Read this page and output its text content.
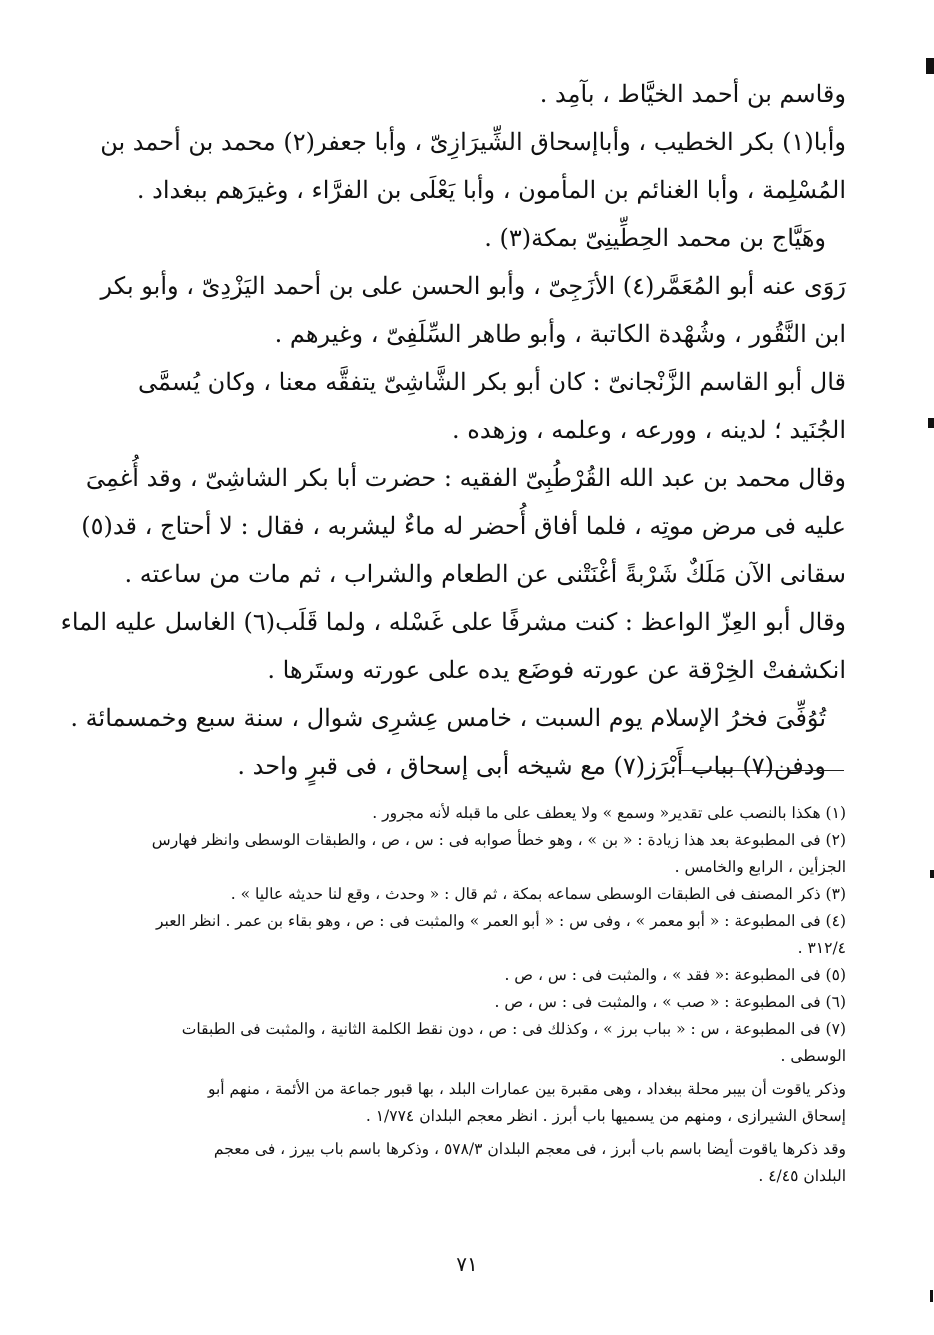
وقاسم بن أحمد الخيَّاط ، بآمِد .
وأبا(١) بكر الخطيب ، وأباإسحاق الشِّيرَازِىّ ، وأبا جعفر(٢) محمد بن أحمد بن
المُسْلِمة ، وأبا الغنائم بن المأمون ، وأبا يَعْلَى بن الفرَّاء ، وغيرَهم ببغداد .
وهَيَّاج بن محمد الحِطِّينِىّ بمكة(٣) .
رَوَى عنه أبو المُعَمَّر(٤) الأزَجِىّ ، وأبو الحسن على بن أحمد اليَزْدِىّ ، وأبو بكر
ابن النَّقُور ، وشُهْدة الكاتبة ، وأبو طاهر السِّلَفِىّ ، وغيرهم .
قال أبو القاسم الزَّنْجانىّ : كان أبو بكر الشَّاشِىّ يتفقَّه معنا ، وكان يُسمَّى
الجُنَيد ؛ لدينه ، وورعه ، وعلمه ، وزهده .
وقال محمد بن عبد الله القُرْطُبِىّ الفقيه : حضرت أبا بكر الشاشِىّ ، وقد أُغمِىَ
عليه فى مرض موتِه ، فلما أفاق أُحضر له ماءٌ ليشربه ، فقال : لا أحتاج ، قد(٥)
سقانى الآن مَلَكٌ شَرْبةً أغْنَتْنى عن الطعام والشراب ، ثم مات من ساعته .
وقال أبو العِزّ الواعظ : كنت مشرفًا على غَسْله ، ولما قَلَب(٦) الغاسل عليه الماء
انكشفتْ الخِرْقة عن عورته فوضَع يده على عورته وستَرها .
تُوُفِّىَ فخرُ الإسلام يوم السبت ، خامس عِشرِى شوال ، سنة سبع وخمسمائة .
ودفن(٧) بباب أَبْرَز(٧) مع شيخه أبى إسحاق ، فى قبرٍ واحد .
(١) هكذا بالنصب على تقدير« وسمع » ولا يعطف على ما قبله لأنه مجرور .
(٢) فى المطبوعة بعد هذا زيادة : « بن » ، وهو خطأ صوابه فى : س ، ص ، والطبقات الوسطى وانظر فهارس
الجزأين ، الرابع والخامس .
(٣) ذكر المصنف فى الطبقات الوسطى سماعه بمكة ، ثم قال : « وحدث ، وقع لنا حديثه عاليا » .
(٤) فى المطبوعة : « أبو معمر » ، وفى س : « أبو العمر » والمثبت فى : ص ، وهو بقاء بن عمر . انظر العبر
٣١٢/٤ .
(٥) فى المطبوعة :« فقد » ، والمثبت فى : س ، ص .
(٦) فى المطبوعة : « صب » ، والمثبت فى : س ، ص .
(٧) فى المطبوعة ، س : « بباب برز » ، وكذلك فى : ص ، دون نقط الكلمة الثانية ، والمثبت فى الطبقات
الوسطى .
وذكر ياقوت أن بيبر محلة ببغداد ، وهى مقبرة بين عمارات البلد ، بها قبور جماعة من الأئمة ، منهم أبو
إسحاق الشيرازى ، ومنهم من يسميها باب أبرز . انظر معجم البلدان ١/٧٧٤ .
وقد ذكرها ياقوت أيضا باسم باب أبرز ، فى معجم البلدان ٥٧٨/٣ ، وذكرها باسم باب بيرز ، فى معجم
البلدان ٤/٤٥ .
٧١
